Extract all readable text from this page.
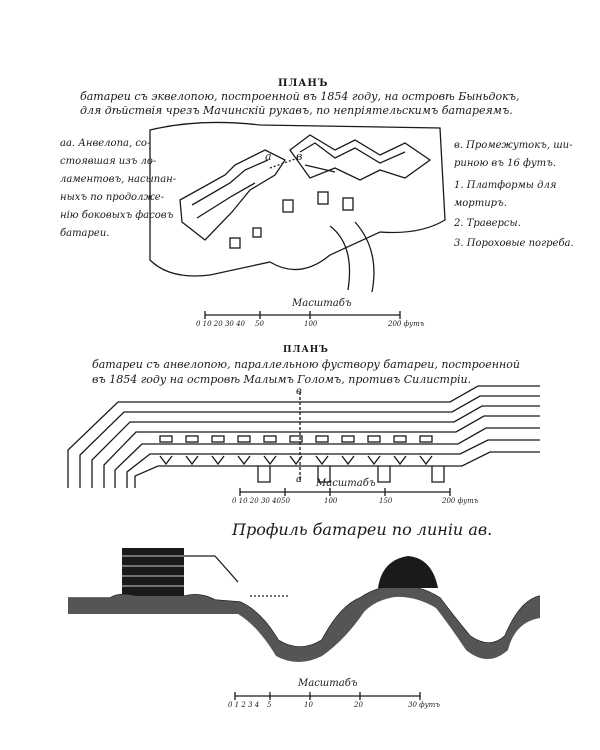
ПЛАНЪ
батареи съ эквелопою, построенной въ 1854 году, на островѣ Быньдокъ,
для дѣйствія чрезъ Мачинскій рукавъ, по непріятельскимъ батареямъ.
aa. Анвелопа, со-
стоявшая изъ ло-
ламентовъ, насыпан-
ныхъ по продолже-
нію боковыхъ фасовъ
батареи.
в. Промежутокъ, ши-
риною въ 16 футъ.
1. Платформы для
мортиръ.
2. Траверсы.
3. Пороховые погреба.
a в
Масштабъ
0 10 20 30 40 50	100	200 футъ
ПЛАНЪ
батареи съ анвелопою, параллельною фуствору батареи, построенной
въ 1854 году на островѣ Малымъ Голомъ, противъ Силистріи.
в
a Масштабъ
0 10 20 30 40 50	100	150	200 футъ
Профиль батареи по линіи ав.
Масштабъ
0 1 2 3 4 5	10	20	30 футъ
